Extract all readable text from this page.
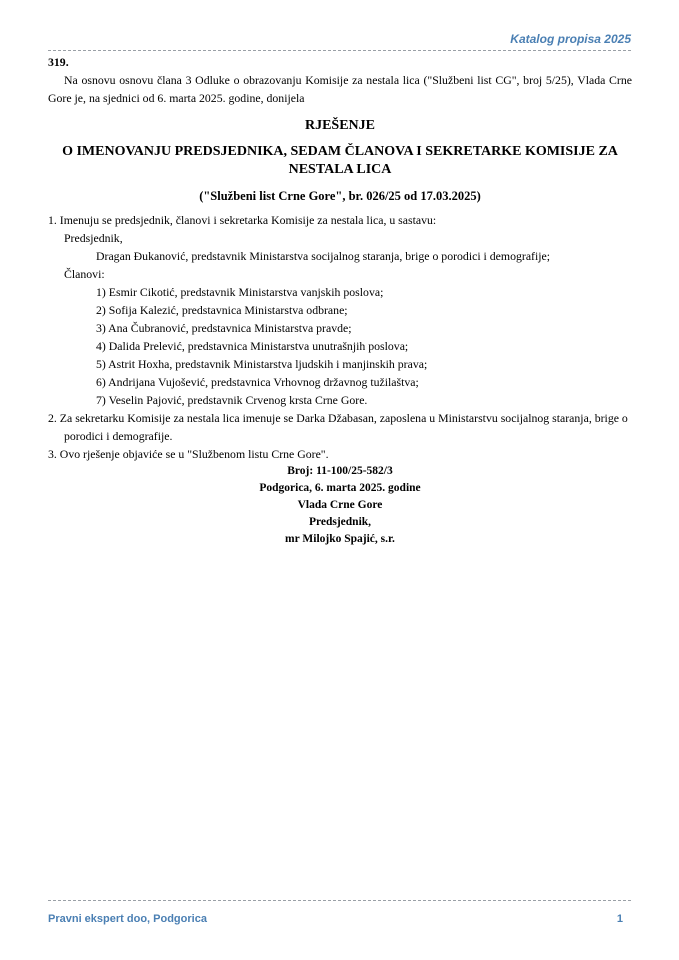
Katalog propisa 2025
319.
Na osnovu osnovu člana 3 Odluke o obrazovanju Komisije za nestala lica ("Službeni list CG", broj 5/25), Vlada Crne Gore je, na sjednici od 6. marta 2025. godine, donijela
RJEŠENJE
O IMENOVANJU PREDSJEDNIKA, SEDAM ČLANOVA I SEKRETARKE KOMISIJE ZA NESTALA LICA
("Službeni list Crne Gore", br. 026/25 od 17.03.2025)
1. Imenuju se predsjednik, članovi i sekretarka Komisije za nestala lica, u sastavu:
Predsjednik,
Dragan Đukanović, predstavnik Ministarstva socijalnog staranja, brige o porodici i demografije;
Članovi:
1) Esmir Cikotić, predstavnik Ministarstva vanjskih poslova;
2) Sofija Kalezić, predstavnica Ministarstva odbrane;
3) Ana Čubranović, predstavnica Ministarstva pravde;
4) Dalida Prelević, predstavnica Ministarstva unutrašnjih poslova;
5) Astrit Hoxha, predstavnik Ministarstva ljudskih i manjinskih prava;
6) Andrijana Vujošević, predstavnica Vrhovnog državnog tužilaštva;
7) Veselin Pajović, predstavnik Crvenog krsta Crne Gore.
2. Za sekretarku Komisije za nestala lica imenuje se Darka Džabasan, zaposlena u Ministarstvu socijalnog staranja, brige o porodici i demografije.
3. Ovo rješenje objaviće se u "Službenom listu Crne Gore".
Broj: 11-100/25-582/3
Podgorica, 6. marta 2025. godine
Vlada Crne Gore
Predsjednik,
mr Milojko Spajić, s.r.
Pravni ekspert doo, Podgorica	1
